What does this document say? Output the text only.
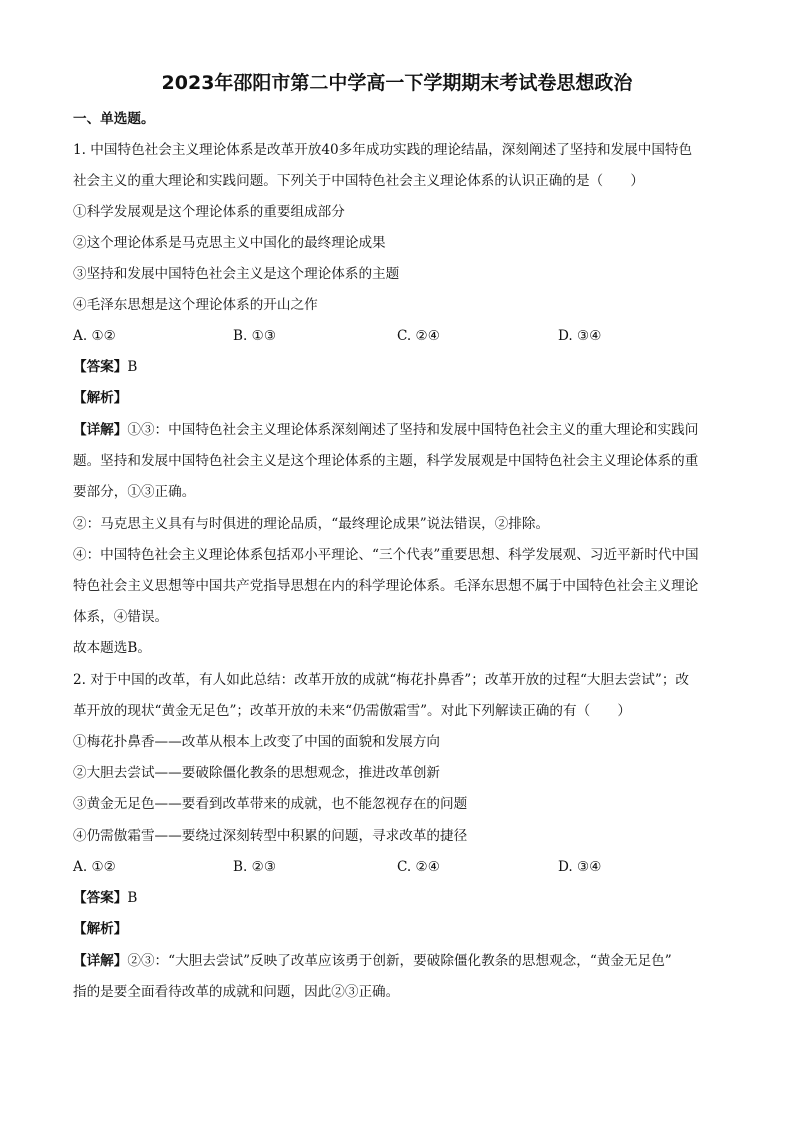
2023年邵阳市第二中学高一下学期期末考试卷思想政治
一、单选题。
1. 中国特色社会主义理论体系是改革开放40多年成功实践的理论结晶，深刻阐述了坚持和发展中国特色
社会主义的重大理论和实践问题。下列关于中国特色社会主义理论体系的认识正确的是（　　）
①科学发展观是这个理论体系的重要组成部分
②这个理论体系是马克思主义中国化的最终理论成果
③坚持和发展中国特色社会主义是这个理论体系的主题
④毛泽东思想是这个理论体系的开山之作
A. ①②	B. ①③	C. ②④	D. ③④
【答案】B
【解析】
【详解】①③：中国特色社会主义理论体系深刻阐述了坚持和发展中国特色社会主义的重大理论和实践问
题。坚持和发展中国特色社会主义是这个理论体系的主题，科学发展观是中国特色社会主义理论体系的重
要部分，①③正确。
②：马克思主义具有与时俱进的理论品质，“最终理论成果”说法错误，②排除。
④：中国特色社会主义理论体系包括邓小平理论、“三个代表”重要思想、科学发展观、习近平新时代中国
特色社会主义思想等中国共产党指导思想在内的科学理论体系。毛泽东思想不属于中国特色社会主义理论
体系，④错误。
故本题选B。
2. 对于中国的改革，有人如此总结：改革开放的成就“梅花扑鼻香”；改革开放的过程“大胆去尝试”；改
革开放的现状“黄金无足色”；改革开放的未来“仍需傲霜雪”。对此下列解读正确的有（　　）
①梅花扑鼻香——改革从根本上改变了中国的面貌和发展方向
②大胆去尝试——要破除僵化教条的思想观念，推进改革创新
③黄金无足色——要看到改革带来的成就，也不能忽视存在的问题
④仍需傲霜雪——要绕过深刻转型中积累的问题，寻求改革的捷径
A. ①②	B. ②③	C. ②④	D. ③④
【答案】B
【解析】
【详解】②③：“大胆去尝试”反映了改革应该勇于创新，要破除僵化教条的思想观念，“黄金无足色”
指的是要全面看待改革的成就和问题，因此②③正确。
